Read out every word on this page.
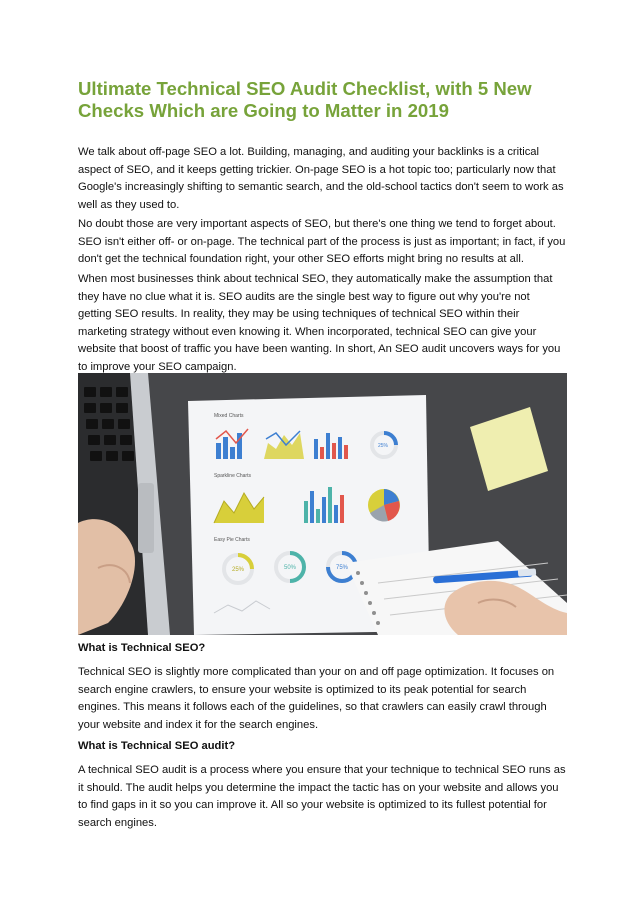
Ultimate Technical SEO Audit Checklist, with 5 New Checks Which are Going to Matter in 2019

We talk about off-page SEO a lot. Building, managing, and auditing your backlinks is a critical aspect of SEO, and it keeps getting trickier. On-page SEO is a hot topic too; particularly now that Google's increasingly shifting to semantic search, and the old-school tactics don't seem to work as well as they used to.

No doubt those are very important aspects of SEO, but there's one thing we tend to forget about. SEO isn't either off- or on-page. The technical part of the process is just as important; in fact, if you don't get the technical foundation right, your other SEO efforts might bring no results at all.

When most businesses think about technical SEO, they automatically make the assumption that they have no clue what it is. SEO audits are the single best way to figure out why you're not getting SEO results. In reality, they may be using techniques of technical SEO within their marketing strategy without even knowing it. When incorporated, technical SEO can give your website that boost of traffic you have been wanting. In short, An SEO audit uncovers ways for you to improve your SEO campaign.

Mixed Charts
25%
Sparkline Charts
Easy Pie Charts
25%	50%	75%

What is Technical SEO?

Technical SEO is slightly more complicated than your on and off page optimization. It focuses on search engine crawlers, to ensure your website is optimized to its peak potential for search engines. This means it follows each of the guidelines, so that crawlers can easily crawl through your website and index it for the search engines.

What is Technical SEO audit?

A technical SEO audit is a process where you ensure that your technique to technical SEO runs as it should. The audit helps you determine the impact the tactic has on your website and allows you to find gaps in it so you can improve it. All so your website is optimized to its fullest potential for search engines.
